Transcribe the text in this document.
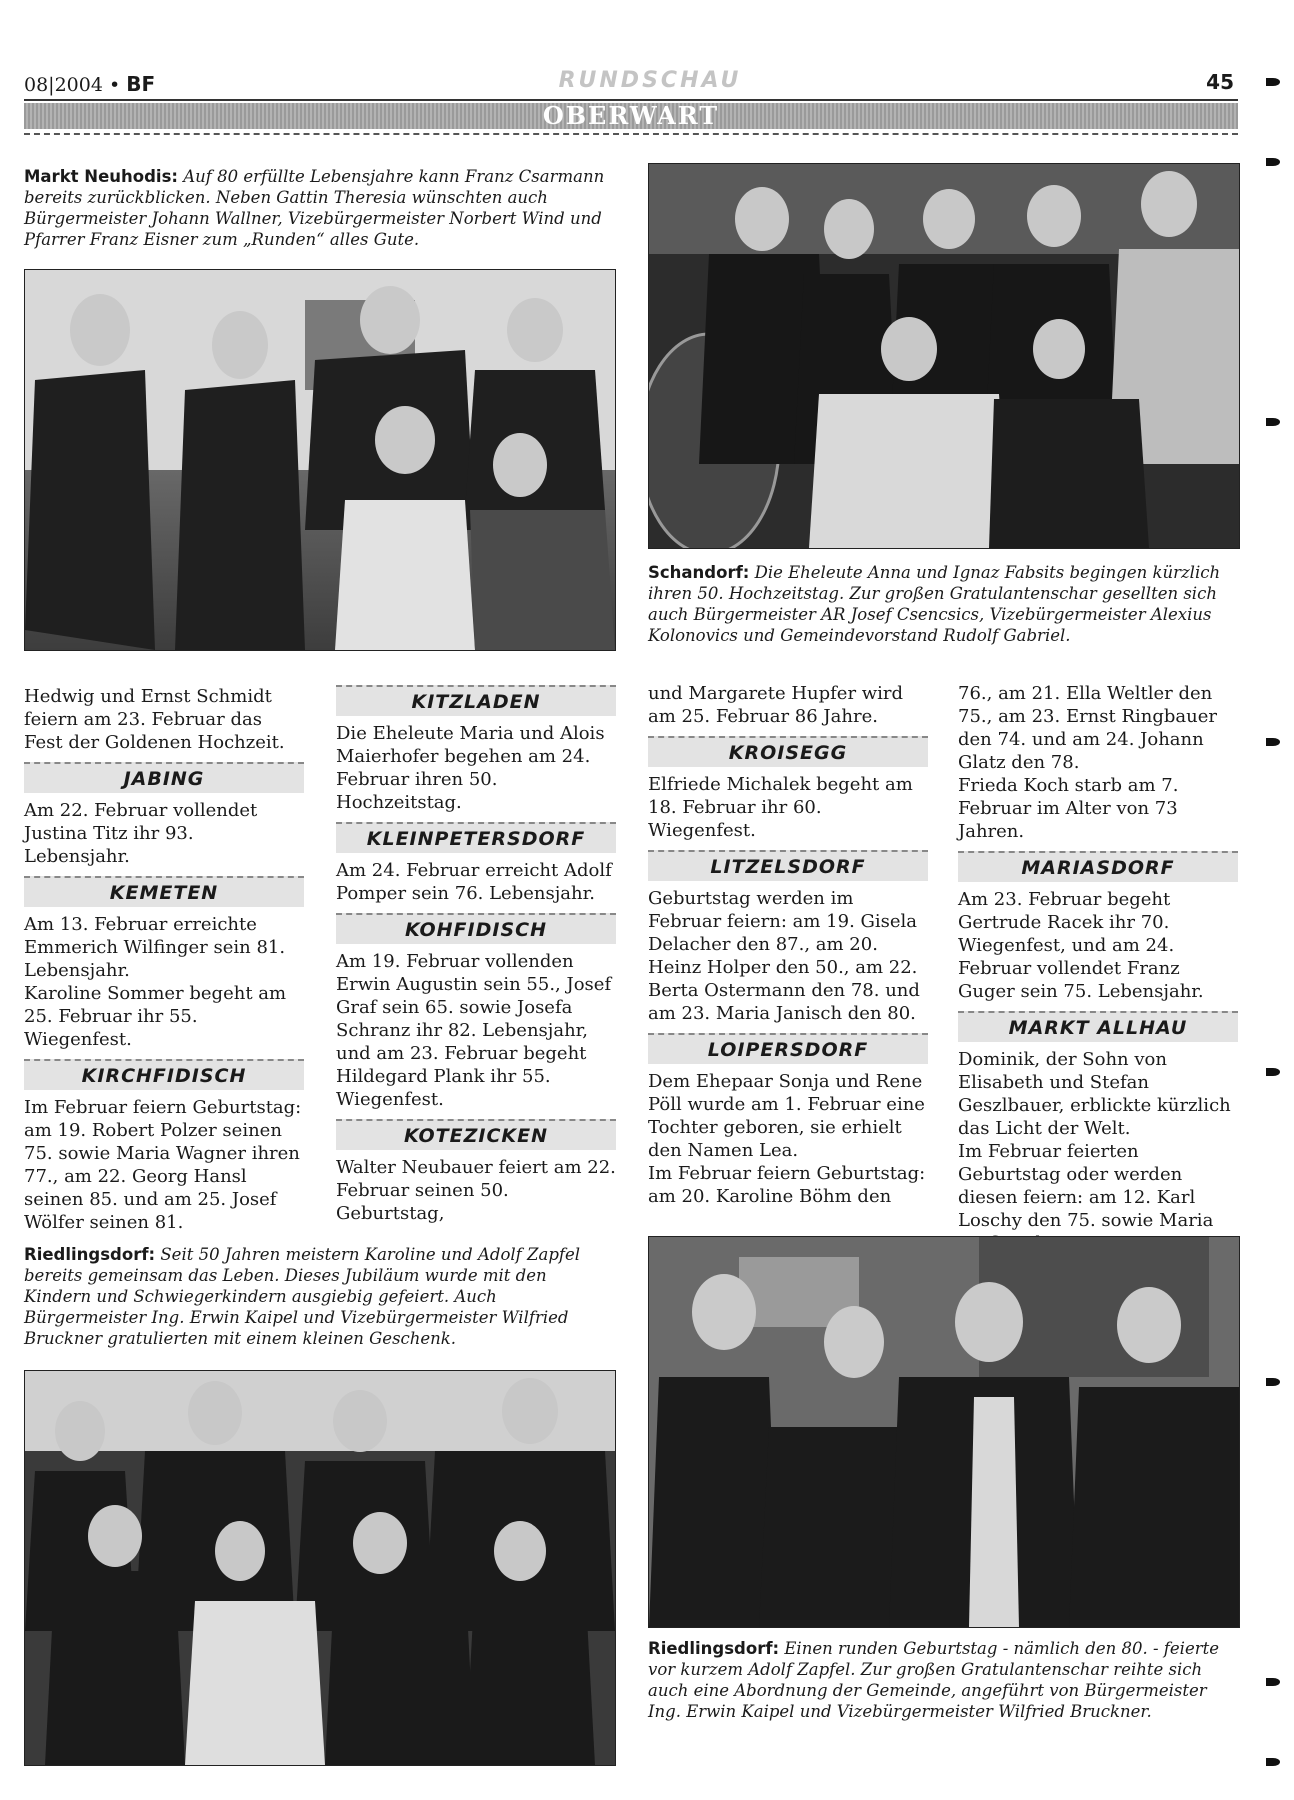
08|2004 • BF	RUNDSCHAU	45
OBERWART
Markt Neuhodis: Auf 80 erfüllte Lebensjahre kann Franz Csarmann bereits zurückblicken. Neben Gattin Theresia wünschten auch Bürgermeister Johann Wallner, Vizebürgermeister Norbert Wind und Pfarrer Franz Eisner zum „Runden“ alles Gute.
Schandorf: Die Eheleute Anna und Ignaz Fabsits begingen kürzlich ihren 50. Hochzeitstag. Zur großen Gratulantenschar gesellten sich auch Bürgermeister AR Josef Csencsics, Vizebürgermeister Alexius Kolonovics und Gemeindevorstand Rudolf Gabriel.

Hedwig und Ernst Schmidt feiern am 23. Februar das Fest der Goldenen Hochzeit.

JABING

Am 22. Februar vollendet Justina Titz ihr 93. Lebensjahr.

KEMETEN

Am 13. Februar erreichte Emmerich Wilfinger sein 81. Lebensjahr.

Karoline Sommer begeht am 25. Februar ihr 55. Wiegenfest.

KIRCHFIDISCH

Im Februar feiern Geburtstag: am 19. Robert Polzer seinen 75. sowie Maria Wagner ihren 77., am 22. Georg Hansl seinen 85. und am 25. Josef Wölfer seinen 81.

KITZLADEN

Die Eheleute Maria und Alois Maierhofer begehen am 24. Februar ihren 50. Hochzeitstag.

KLEINPETERSDORF

Am 24. Februar erreicht Adolf Pomper sein 76. Lebensjahr.

KOHFIDISCH

Am 19. Februar vollenden Erwin Augustin sein 55., Josef Graf sein 65. sowie Josefa Schranz ihr 82. Lebensjahr, und am 23. Februar begeht Hildegard Plank ihr 55. Wiegenfest.

KOTEZICKEN

Walter Neubauer feiert am 22. Februar seinen 50. Geburtstag,

und Margarete Hupfer wird am 25. Februar 86 Jahre.

KROISEGG

Elfriede Michalek begeht am 18. Februar ihr 60. Wiegenfest.

LITZELSDORF

Geburtstag werden im Februar feiern: am 19. Gisela Delacher den 87., am 20. Heinz Holper den 50., am 22. Berta Ostermann den 78. und am 23. Maria Janisch den 80.

LOIPERSDORF

Dem Ehepaar Sonja und Rene Pöll wurde am 1. Februar eine Tochter geboren, sie erhielt den Namen Lea.

Im Februar feiern Geburtstag: am 20. Karoline Böhm den

76., am 21. Ella Weltler den 75., am 23. Ernst Ringbauer den 74. und am 24. Johann Glatz den 78.

Frieda Koch starb am 7. Februar im Alter von 73 Jahren.

MARIASDORF

Am 23. Februar begeht Gertrude Racek ihr 70. Wiegenfest, und am 24. Februar vollendet Franz Guger sein 75. Lebensjahr.

MARKT ALLHAU

Dominik, der Sohn von Elisabeth und Stefan Geszlbauer, erblickte kürzlich das Licht der Welt.

Im Februar feierten Geburtstag oder werden diesen feiern: am 12. Karl Loschy den 75. sowie Maria

Riedlingsdorf: Seit 50 Jahren meistern Karoline und Adolf Zapfel bereits gemeinsam das Leben. Dieses Jubiläum wurde mit den Kindern und Schwiegerkindern ausgiebig gefeiert. Auch Bürgermeister Ing. Erwin Kaipel und Vizebürgermeister Wilfried Bruckner gratulierten mit einem kleinen Geschenk.
Riedlingsdorf: Einen runden Geburtstag - nämlich den 80. - feierte vor kurzem Adolf Zapfel. Zur großen Gratulantenschar reihte sich auch eine Abordnung der Gemeinde, angeführt von Bürgermeister Ing. Erwin Kaipel und Vizebürgermeister Wilfried Bruckner.
